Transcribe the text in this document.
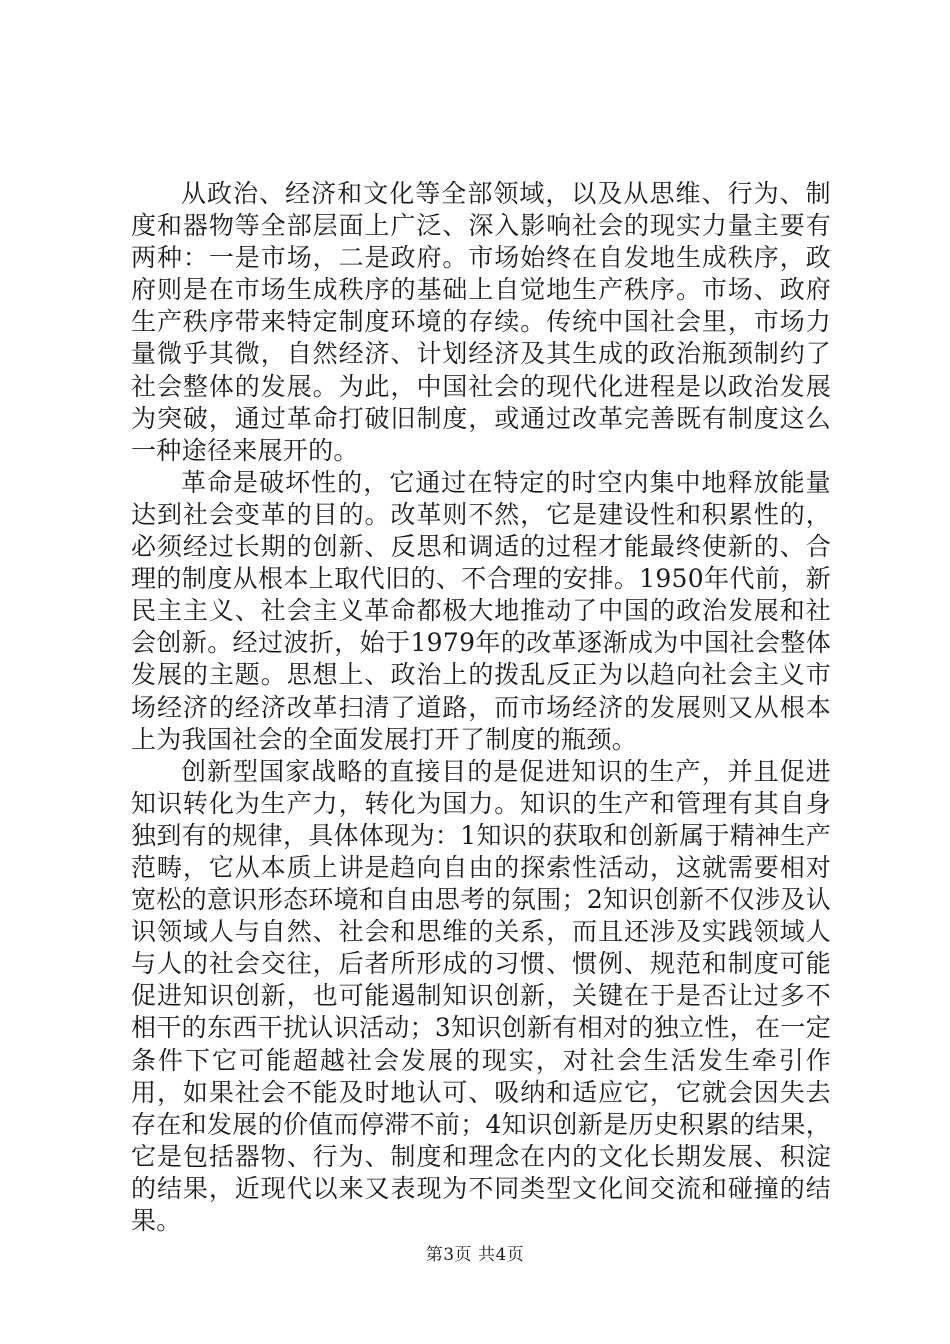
从政治、经济和文化等全部领域，以及从思维、行为、制度和器物等全部层面上广泛、深入影响社会的现实力量主要有两种：一是市场，二是政府。市场始终在自发地生成秩序，政府则是在市场生成秩序的基础上自觉地生产秩序。市场、政府生产秩序带来特定制度环境的存续。传统中国社会里，市场力量微乎其微，自然经济、计划经济及其生成的政治瓶颈制约了社会整体的发展。为此，中国社会的现代化进程是以政治发展为突破，通过革命打破旧制度，或通过改革完善既有制度这么一种途径来展开的。

革命是破坏性的，它通过在特定的时空内集中地释放能量达到社会变革的目的。改革则不然，它是建设性和积累性的，必须经过长期的创新、反思和调适的过程才能最终使新的、合理的制度从根本上取代旧的、不合理的安排。1950年代前，新民主主义、社会主义革命都极大地推动了中国的政治发展和社会创新。经过波折，始于1979年的改革逐渐成为中国社会整体发展的主题。思想上、政治上的拨乱反正为以趋向社会主义市场经济的经济改革扫清了道路，而市场经济的发展则又从根本上为我国社会的全面发展打开了制度的瓶颈。

创新型国家战略的直接目的是促进知识的生产，并且促进知识转化为生产力，转化为国力。知识的生产和管理有其自身独到有的规律，具体体现为：1知识的获取和创新属于精神生产范畴，它从本质上讲是趋向自由的探索性活动，这就需要相对宽松的意识形态环境和自由思考的氛围；2知识创新不仅涉及认识领域人与自然、社会和思维的关系，而且还涉及实践领域人与人的社会交往，后者所形成的习惯、惯例、规范和制度可能促进知识创新，也可能遏制知识创新，关键在于是否让过多不相干的东西干扰认识活动；3知识创新有相对的独立性，在一定条件下它可能超越社会发展的现实，对社会生活发生牵引作用，如果社会不能及时地认可、吸纳和适应它，它就会因失去存在和发展的价值而停滞不前；4知识创新是历史积累的结果，它是包括器物、行为、制度和理念在内的文化长期发展、积淀的结果，近现代以来又表现为不同类型文化间交流和碰撞的结果。

第3页 共4页
